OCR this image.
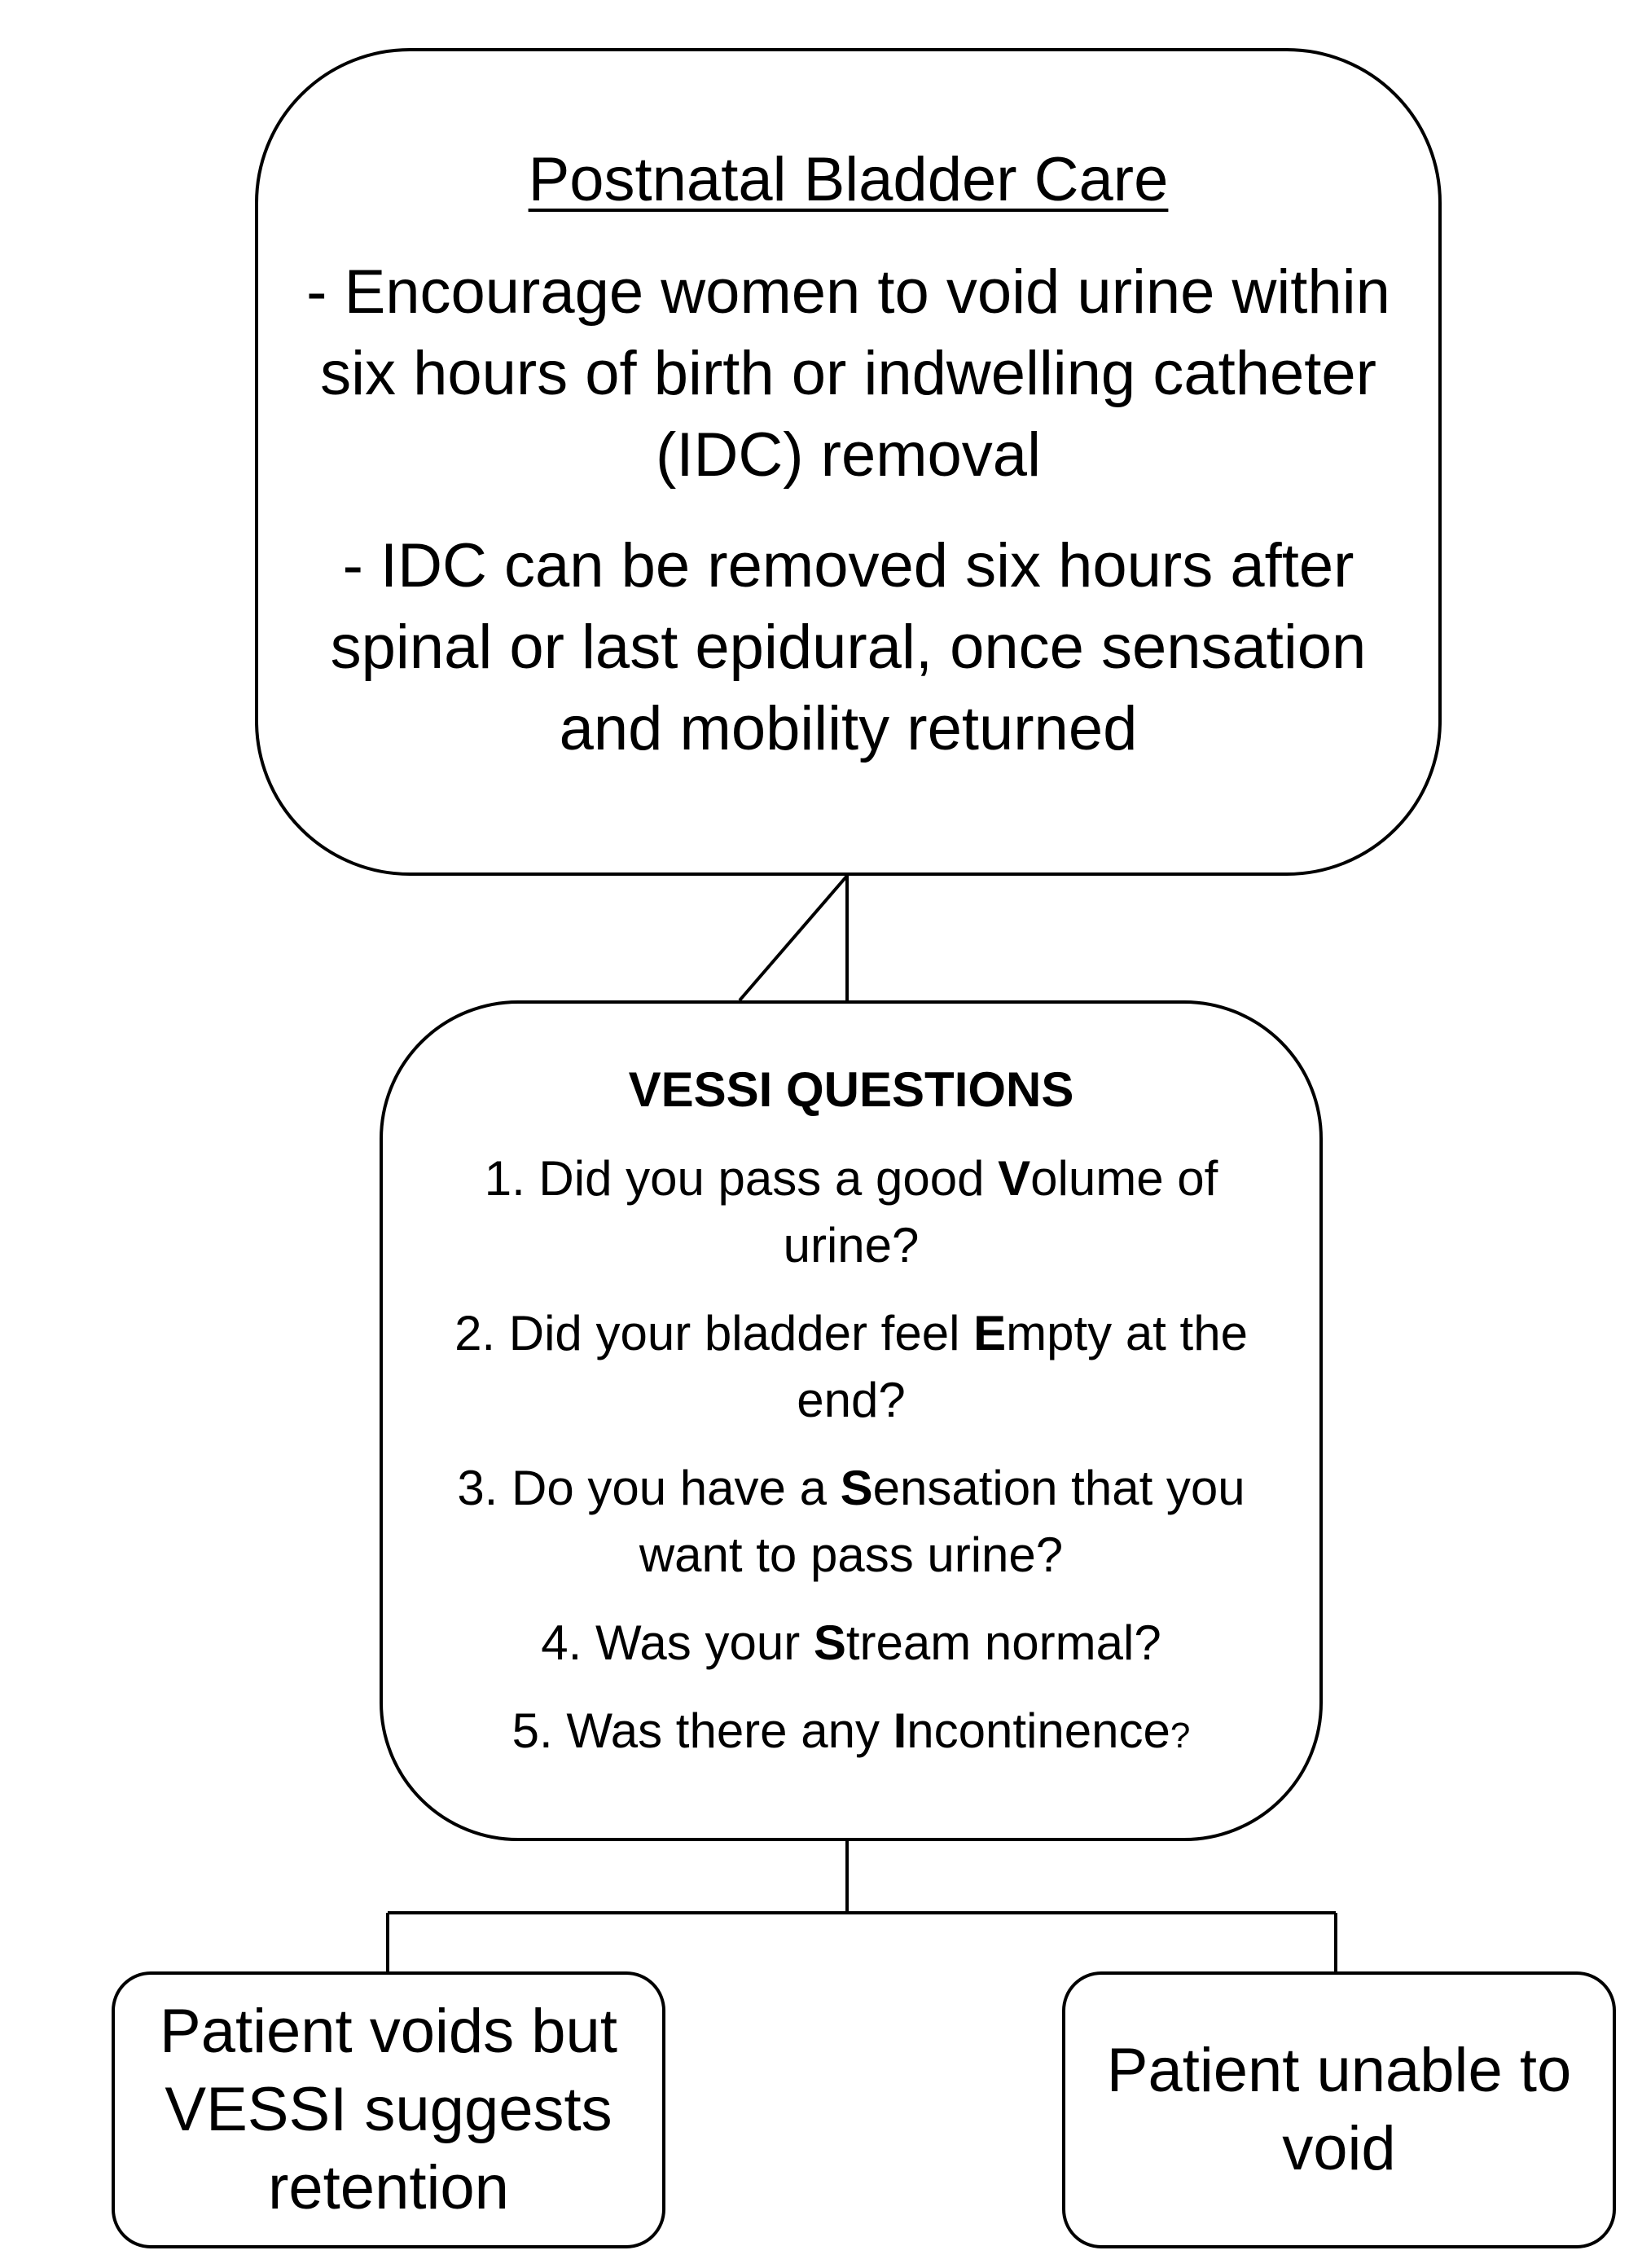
Postnatal Bladder Care
- Encourage women to void urine within six hours of birth or indwelling catheter (IDC) removal
- IDC can be removed six hours after spinal or last epidural, once sensation and mobility returned
VESSI QUESTIONS
1. Did you pass a good Volume of urine?
2. Did your bladder feel Empty at the end?
3. Do you have a Sensation that you want to pass urine?
4. Was your Stream normal?
5. Was there any Incontinence?
Patient voids but VESSI suggests retention
Patient unable to void
